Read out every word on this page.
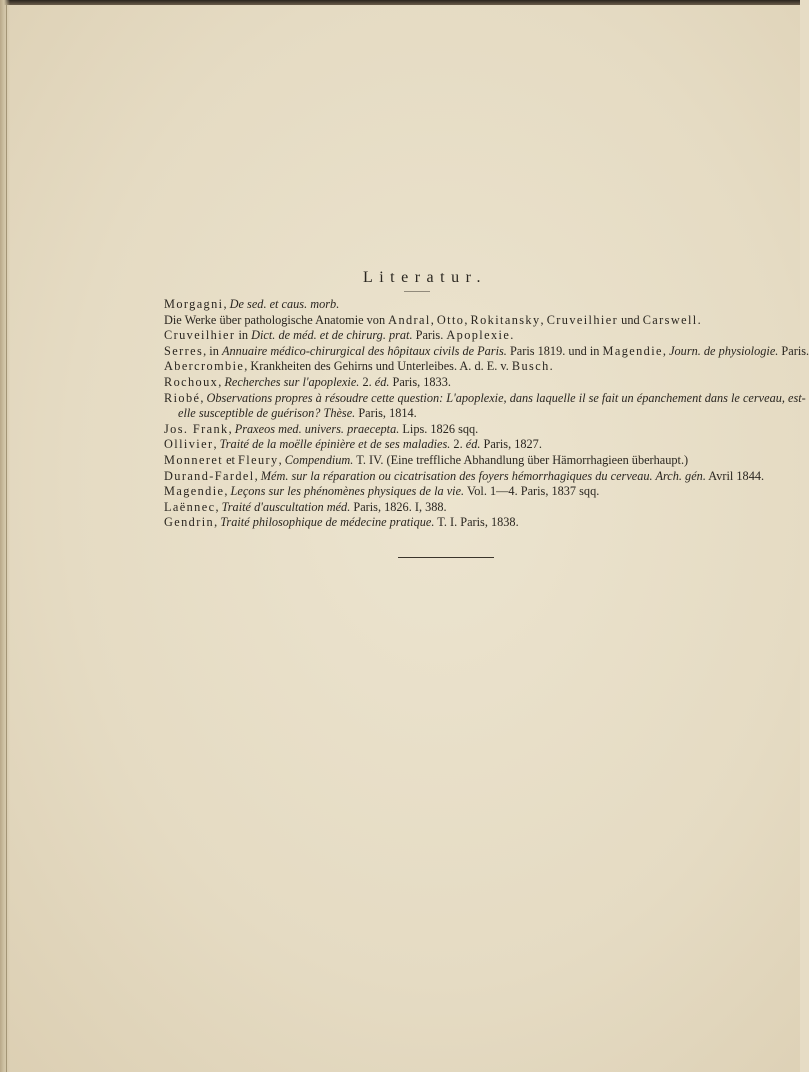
Literatur.

Morgagni, De sed. et caus. morb.

Die Werke über pathologische Anatomie von Andral, Otto, Rokitansky, Cruveilhier und Carswell.

Cruveilhier in Dict. de méd. et de chirurg. prat. Paris. Apoplexie.

Serres, in Annuaire médico-chirurgical des hôpitaux civils de Paris. Paris 1819. und in Magendie, Journ. de physiologie. Paris.

Abercrombie, Krankheiten des Gehirns und Unterleibes. A. d. E. v. Busch.

Rochoux, Recherches sur l'apoplexie. 2. éd. Paris, 1833.

Riobé, Observations propres à résoudre cette question: L'apoplexie, dans laquelle il se fait un épanchement dans le cerveau, est-

elle susceptible de guérison? Thèse. Paris, 1814.

Jos. Frank, Praxeos med. univers. praecepta. Lips. 1826 sqq.

Ollivier, Traité de la moëlle épinière et de ses maladies. 2. éd. Paris, 1827.

Monneret et Fleury, Compendium. T. IV. (Eine treffliche Abhandlung über Hämorrhagieen überhaupt.)

Durand-Fardel, Mém. sur la réparation ou cicatrisation des foyers hémorrhagiques du cerveau. Arch. gén. Avril 1844.

Magendie, Leçons sur les phénomènes physiques de la vie. Vol. 1—4. Paris, 1837 sqq.

Laënnec, Traité d'auscultation méd. Paris, 1826. I, 388.

Gendrin, Traité philosophique de médecine pratique. T. I. Paris, 1838.
